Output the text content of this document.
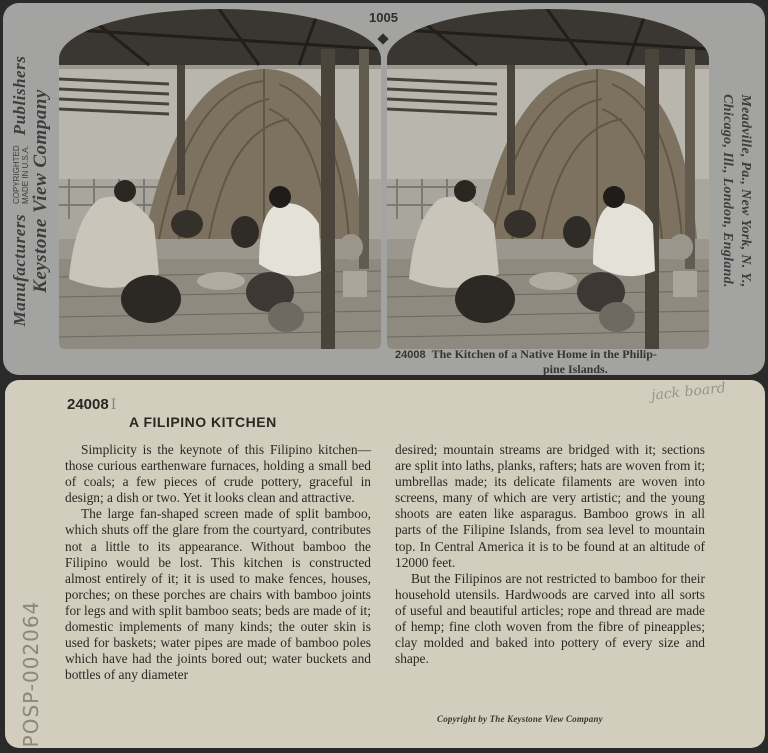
Manufacturers COPYRIGHTED
MADE IN U.S.A. Publishers
Keystone View Company
1005
Meadville, Pa., New York, N. Y.,
Chicago, Ill., London, England.
24008 The Kitchen of a Native Home in the Philip-
pine Islands.
24008 I
jack board
A FILIPINO KITCHEN

Simplicity is the keynote of this Filipino kitchen—those curious earthenware furnaces, holding a small bed of coals; a few pieces of crude pottery, graceful in design; a dish or two. Yet it looks clean and attractive.

The large fan-shaped screen made of split bamboo, which shuts off the glare from the courtyard, contributes not a little to its appearance. Without bamboo the Filipino would be lost. This kitchen is constructed almost entirely of it; it is used to make fences, houses, porches; on these porches are chairs with bamboo joints for legs and with split bamboo seats; beds are made of it; domestic implements of many kinds; the outer skin is used for baskets; water pipes are made of bamboo poles which have had the joints bored out; water buckets and bottles of any diameter

desired; mountain streams are bridged with it; sections are split into laths, planks, rafters; hats are woven from it; umbrellas made; its delicate filaments are woven into screens, many of which are very artistic; and the young shoots are eaten like asparagus. Bamboo grows in all parts of the Filipine Islands, from sea level to mountain top. In Central America it is to be found at an altitude of 12000 feet.

But the Filipinos are not restricted to bamboo for their household utensils. Hardwoods are carved into all sorts of useful and beautiful articles; rope and thread are made of hemp; fine cloth woven from the fibre of pineapples; clay molded and baked into pottery of every size and shape.

Copyright by The Keystone View Company
POSP-002064
